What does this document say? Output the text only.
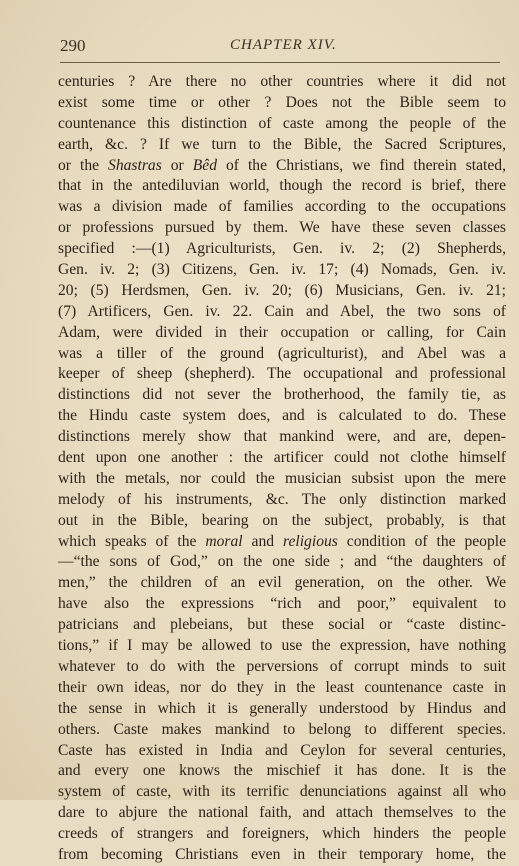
290	CHAPTER XIV.
centuries ? Are there no other countries where it did not
exist some time or other ? Does not the Bible seem to
countenance this distinction of caste among the people of the
earth, &c. ? If we turn to the Bible, the Sacred Scriptures,
or the Shastras or Bêd of the Christians, we find therein stated,
that in the antediluvian world, though the record is brief, there
was a division made of families according to the occupations
or professions pursued by them. We have these seven classes
specified :—(1) Agriculturists, Gen. iv. 2; (2) Shepherds,
Gen. iv. 2; (3) Citizens, Gen. iv. 17; (4) Nomads, Gen. iv.
20; (5) Herdsmen, Gen. iv. 20; (6) Musicians, Gen. iv. 21;
(7) Artificers, Gen. iv. 22. Cain and Abel, the two sons of
Adam, were divided in their occupation or calling, for Cain
was a tiller of the ground (agriculturist), and Abel was a
keeper of sheep (shepherd). The occupational and professional
distinctions did not sever the brotherhood, the family tie, as
the Hindu caste system does, and is calculated to do. These
distinctions merely show that mankind were, and are, depen-
dent upon one another : the artificer could not clothe himself
with the metals, nor could the musician subsist upon the mere
melody of his instruments, &c. The only distinction marked
out in the Bible, bearing on the subject, probably, is that
which speaks of the moral and religious condition of the people
—“the sons of God,” on the one side ; and “the daughters of
men,” the children of an evil generation, on the other. We
have also the expressions “rich and poor,” equivalent to
patricians and plebeians, but these social or “caste distinc-
tions,” if I may be allowed to use the expression, have nothing
whatever to do with the perversions of corrupt minds to suit
their own ideas, nor do they in the least countenance caste in
the sense in which it is generally understood by Hindus and
others. Caste makes mankind to belong to different species.
Caste has existed in India and Ceylon for several centuries,
and every one knows the mischief it has done. It is the
system of caste, with its terrific denunciations against all who
dare to abjure the national faith, and attach themselves to the
creeds of strangers and foreigners, which hinders the people
from becoming Christians even in their temporary home, the
